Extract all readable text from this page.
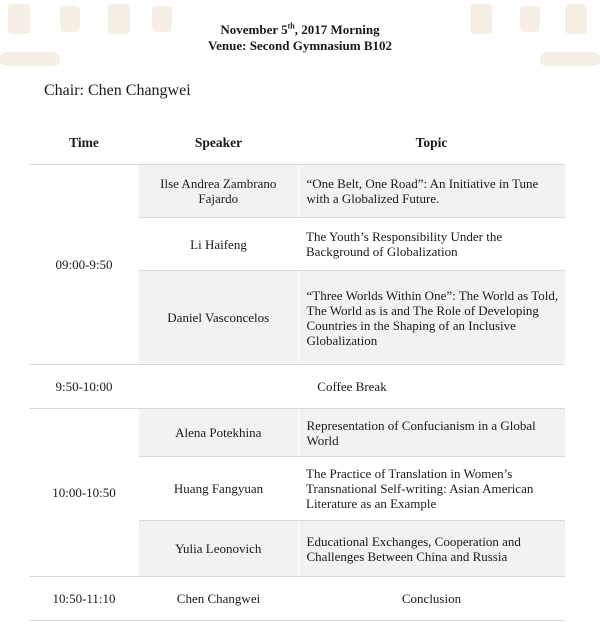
November 5th, 2017 Morning
Venue: Second Gymnasium B102
Chair: Chen Changwei
Time	Speaker	Topic
09:00-9:50	Ilse Andrea Zambrano Fajardo	“One Belt, One Road”: An Initiative in Tune with a Globalized Future.
	Li Haifeng	The Youth’s Responsibility Under the Background of Globalization
	Daniel Vasconcelos	“Three Worlds Within One”: The World as Told, The World as is and The Role of Developing Countries in the Shaping of an Inclusive Globalization
9:50-10:00	Coffee Break	
10:00-10:50	Alena Potekhina	Representation of Confucianism in a Global World
	Huang Fangyuan	The Practice of Translation in Women’s Transnational Self-writing: Asian American Literature as an Example
	Yulia Leonovich	Educational Exchanges, Cooperation and Challenges Between China and Russia
10:50-11:10	Chen Changwei	Conclusion
